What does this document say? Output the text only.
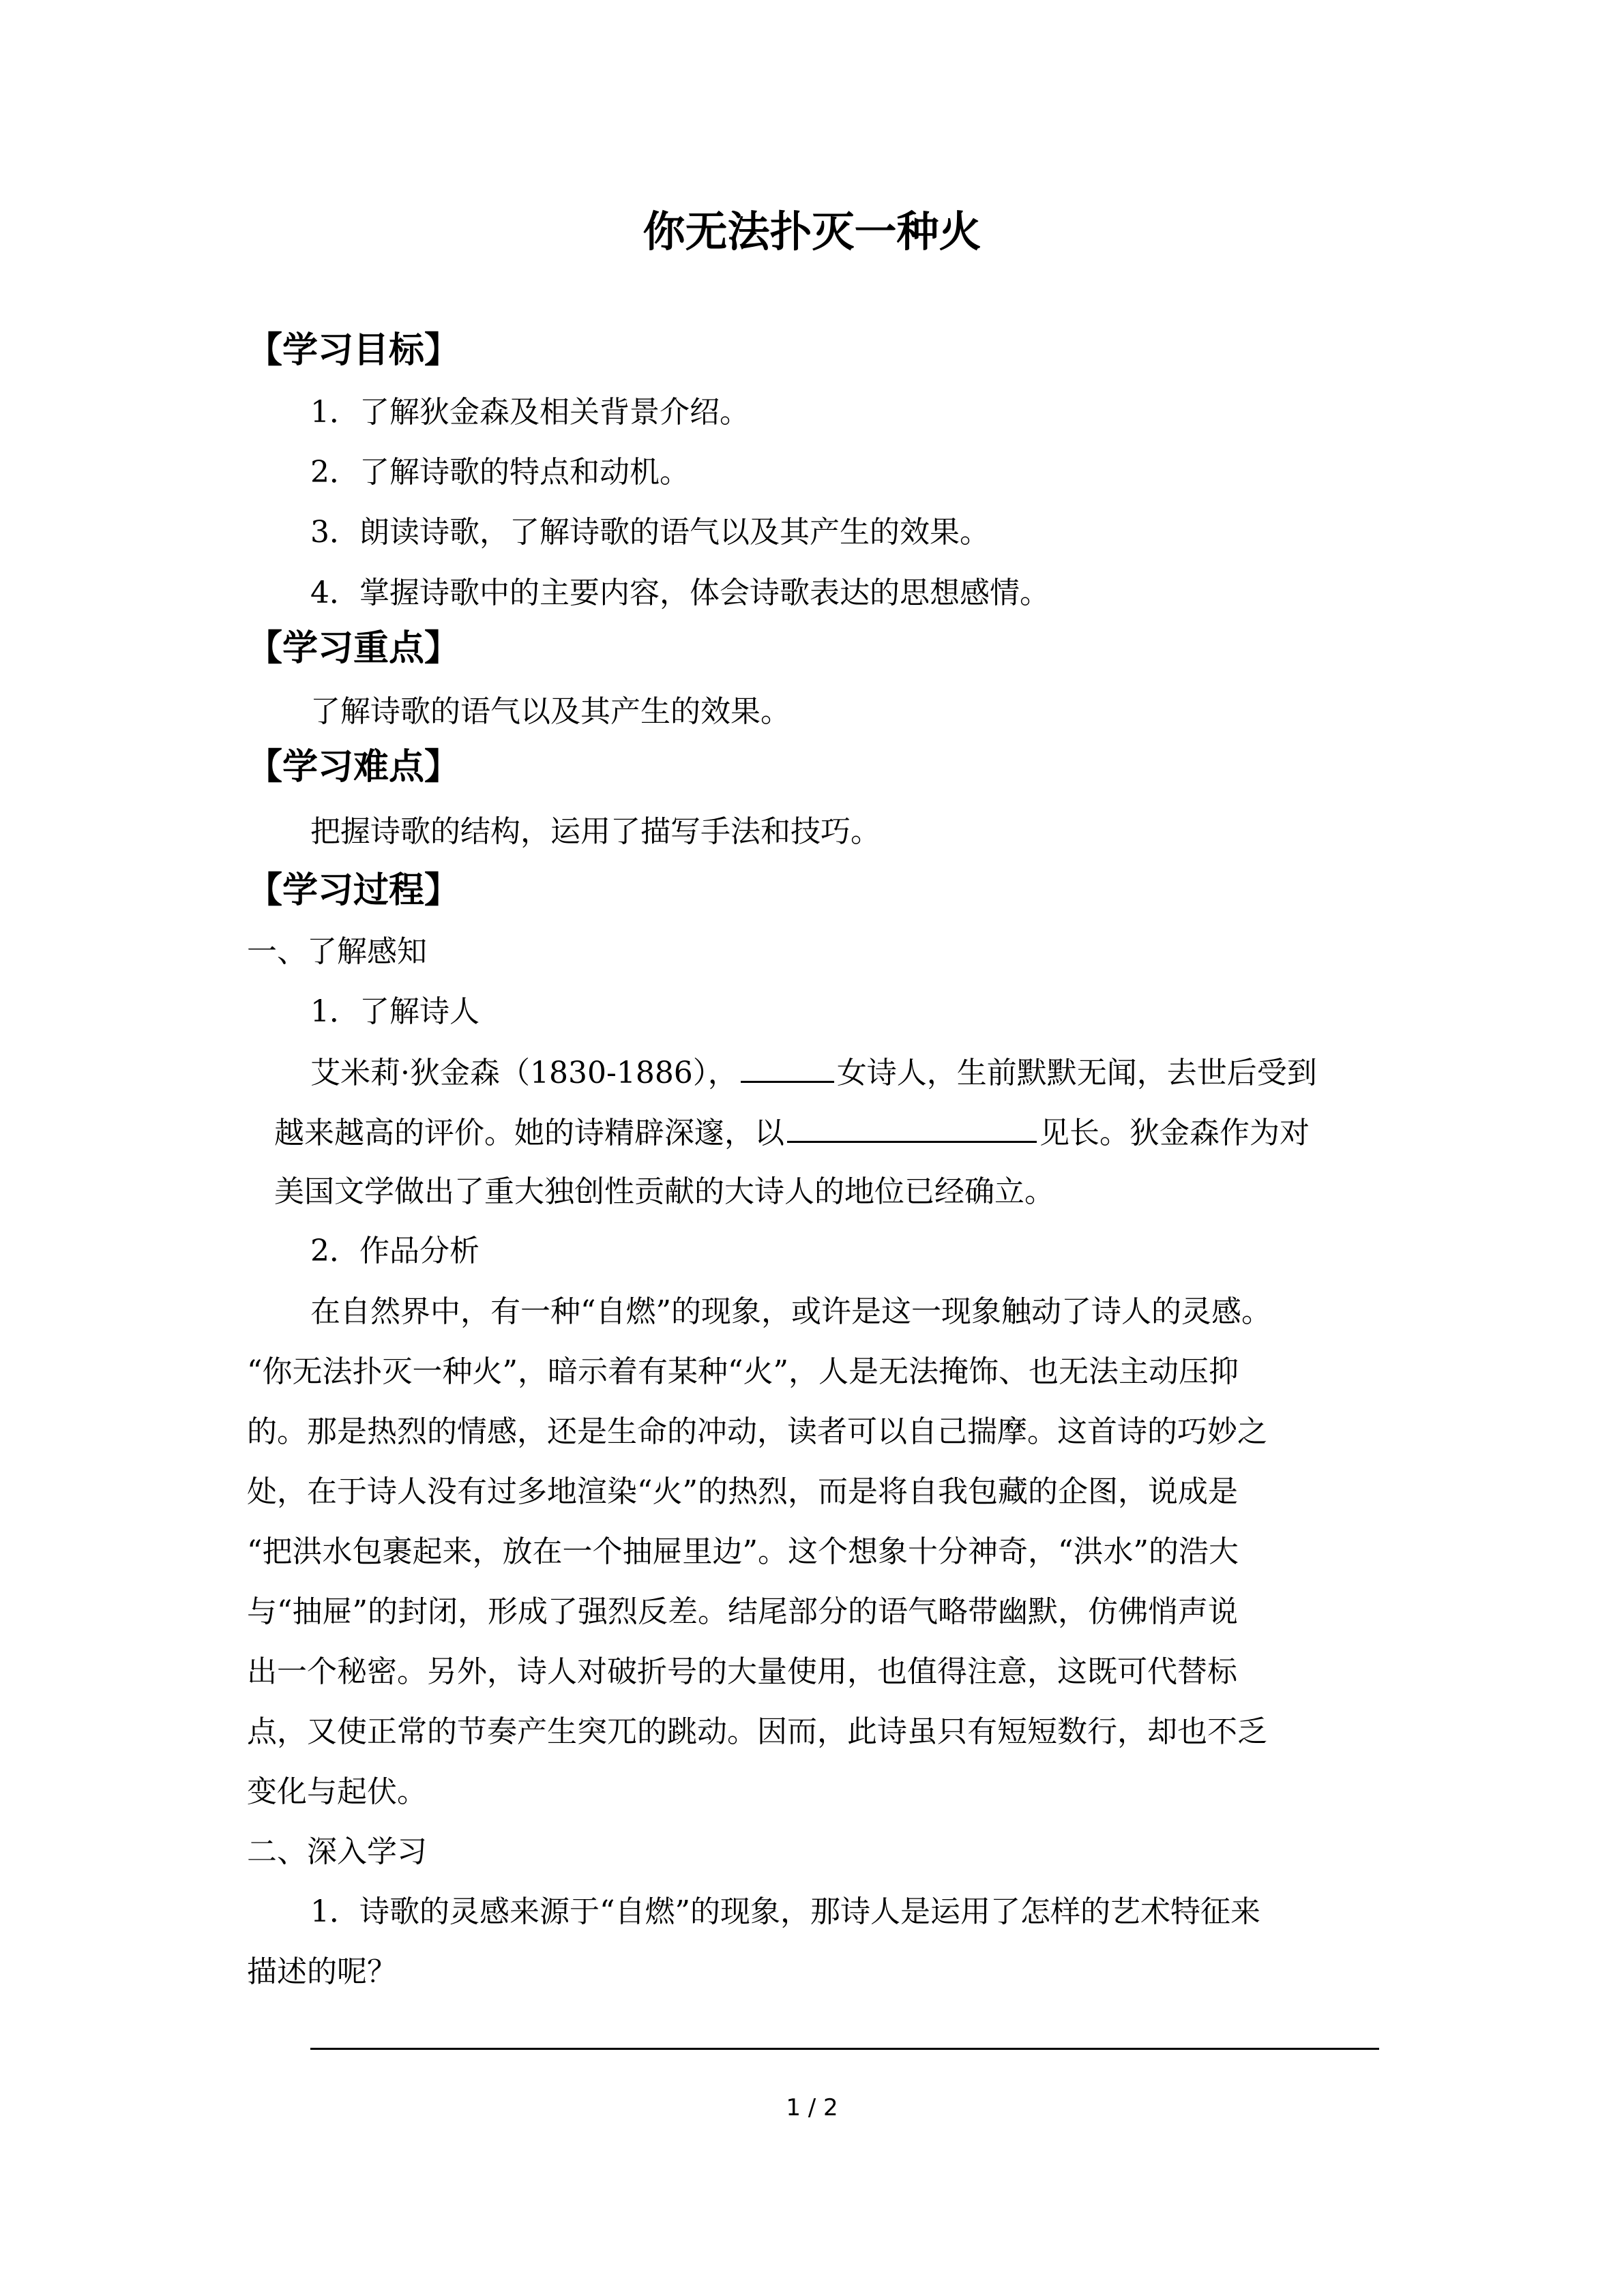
你无法扑灭一种火
【学习目标】
1．了解狄金森及相关背景介绍。
2．了解诗歌的特点和动机。
3．朗读诗歌，了解诗歌的语气以及其产生的效果。
4．掌握诗歌中的主要内容，体会诗歌表达的思想感情。
【学习重点】
了解诗歌的语气以及其产生的效果。
【学习难点】
把握诗歌的结构，运用了描写手法和技巧。
【学习过程】
一、了解感知
1．了解诗人
艾米莉·狄金森（1830-1886），	女诗人，生前默默无闻，去世后受到
越来越高的评价。她的诗精辟深邃，以	见长。狄金森作为对
美国文学做出了重大独创性贡献的大诗人的地位已经确立。
2．作品分析
在自然界中，有一种“自燃”的现象，或许是这一现象触动了诗人的灵感。
“你无法扑灭一种火”，暗示着有某种“火”，人是无法掩饰、也无法主动压抑
的。那是热烈的情感，还是生命的冲动，读者可以自己揣摩。这首诗的巧妙之
处，在于诗人没有过多地渲染“火”的热烈，而是将自我包藏的企图，说成是
“把洪水包裹起来，放在一个抽屉里边”。这个想象十分神奇，“洪水”的浩大
与“抽屉”的封闭，形成了强烈反差。结尾部分的语气略带幽默，仿佛悄声说
出一个秘密。另外，诗人对破折号的大量使用，也值得注意，这既可代替标
点，又使正常的节奏产生突兀的跳动。因而，此诗虽只有短短数行，却也不乏
变化与起伏。
二、深入学习
1．诗歌的灵感来源于“自燃”的现象，那诗人是运用了怎样的艺术特征来
描述的呢？
1 / 2
